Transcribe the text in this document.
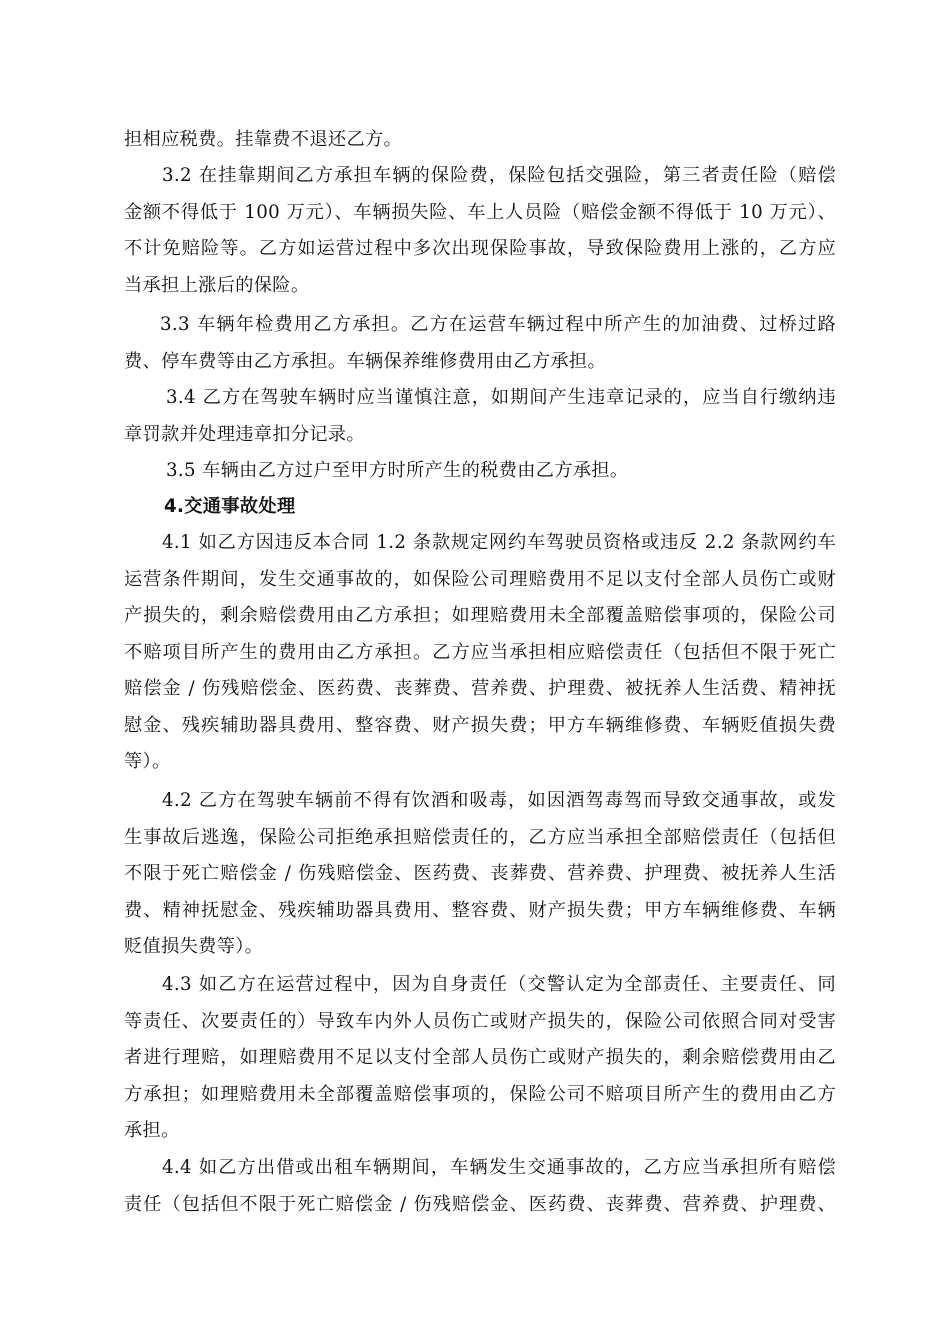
担相应税费。挂靠费不退还乙方。
3.2 在挂靠期间乙方承担车辆的保险费，保险包括交强险，第三者责任险（赔偿
金额不得低于 100 万元）、车辆损失险、车上人员险（赔偿金额不得低于 10 万元）、
不计免赔险等。乙方如运营过程中多次出现保险事故，导致保险费用上涨的，乙方应
当承担上涨后的保险。
3.3 车辆年检费用乙方承担。乙方在运营车辆过程中所产生的加油费、过桥过路
费、停车费等由乙方承担。车辆保养维修费用由乙方承担。
3.4 乙方在驾驶车辆时应当谨慎注意，如期间产生违章记录的，应当自行缴纳违
章罚款并处理违章扣分记录。
3.5 车辆由乙方过户至甲方时所产生的税费由乙方承担。
4.交通事故处理
4.1 如乙方因违反本合同 1.2 条款规定网约车驾驶员资格或违反 2.2 条款网约车
运营条件期间，发生交通事故的，如保险公司理赔费用不足以支付全部人员伤亡或财
产损失的，剩余赔偿费用由乙方承担；如理赔费用未全部覆盖赔偿事项的，保险公司
不赔项目所产生的费用由乙方承担。乙方应当承担相应赔偿责任（包括但不限于死亡
赔偿金 / 伤残赔偿金、医药费、丧葬费、营养费、护理费、被抚养人生活费、精神抚
慰金、残疾辅助器具费用、整容费、财产损失费；甲方车辆维修费、车辆贬值损失费
等）。
4.2 乙方在驾驶车辆前不得有饮酒和吸毒，如因酒驾毒驾而导致交通事故，或发
生事故后逃逸，保险公司拒绝承担赔偿责任的，乙方应当承担全部赔偿责任（包括但
不限于死亡赔偿金 / 伤残赔偿金、医药费、丧葬费、营养费、护理费、被抚养人生活
费、精神抚慰金、残疾辅助器具费用、整容费、财产损失费；甲方车辆维修费、车辆
贬值损失费等）。
4.3 如乙方在运营过程中，因为自身责任（交警认定为全部责任、主要责任、同
等责任、次要责任的）导致车内外人员伤亡或财产损失的，保险公司依照合同对受害
者进行理赔，如理赔费用不足以支付全部人员伤亡或财产损失的，剩余赔偿费用由乙
方承担；如理赔费用未全部覆盖赔偿事项的，保险公司不赔项目所产生的费用由乙方
承担。
4.4 如乙方出借或出租车辆期间，车辆发生交通事故的，乙方应当承担所有赔偿
责任（包括但不限于死亡赔偿金 / 伤残赔偿金、医药费、丧葬费、营养费、护理费、
